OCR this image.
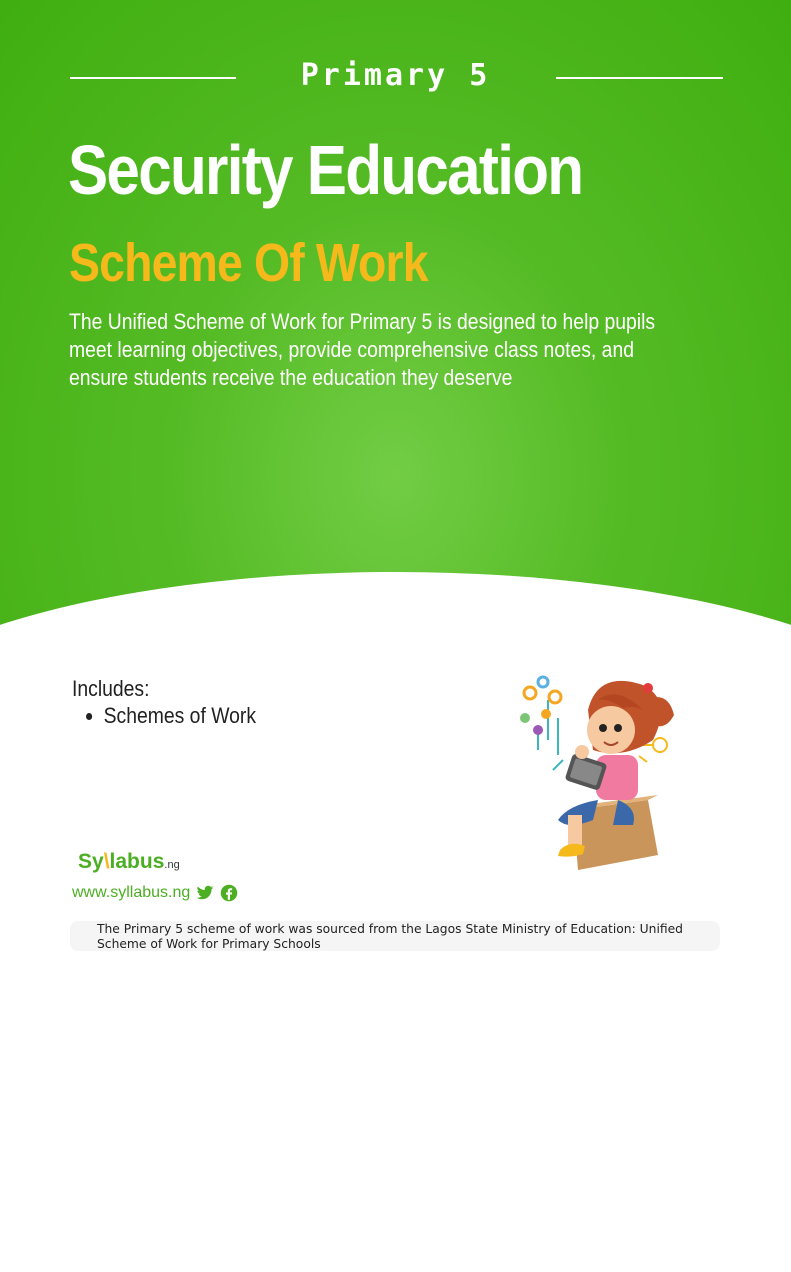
Primary 5
Security Education
Scheme Of Work
The Unified Scheme of Work for Primary 5 is designed to help pupils meet learning objectives, provide comprehensive class notes, and ensure students receive the education they deserve
Includes:
• Schemes of Work
Sy\labus.ng
www.syllabus.ng
The Primary 5 scheme of work was sourced from the Lagos State Ministry of Education: Unified Scheme of Work for Primary Schools
